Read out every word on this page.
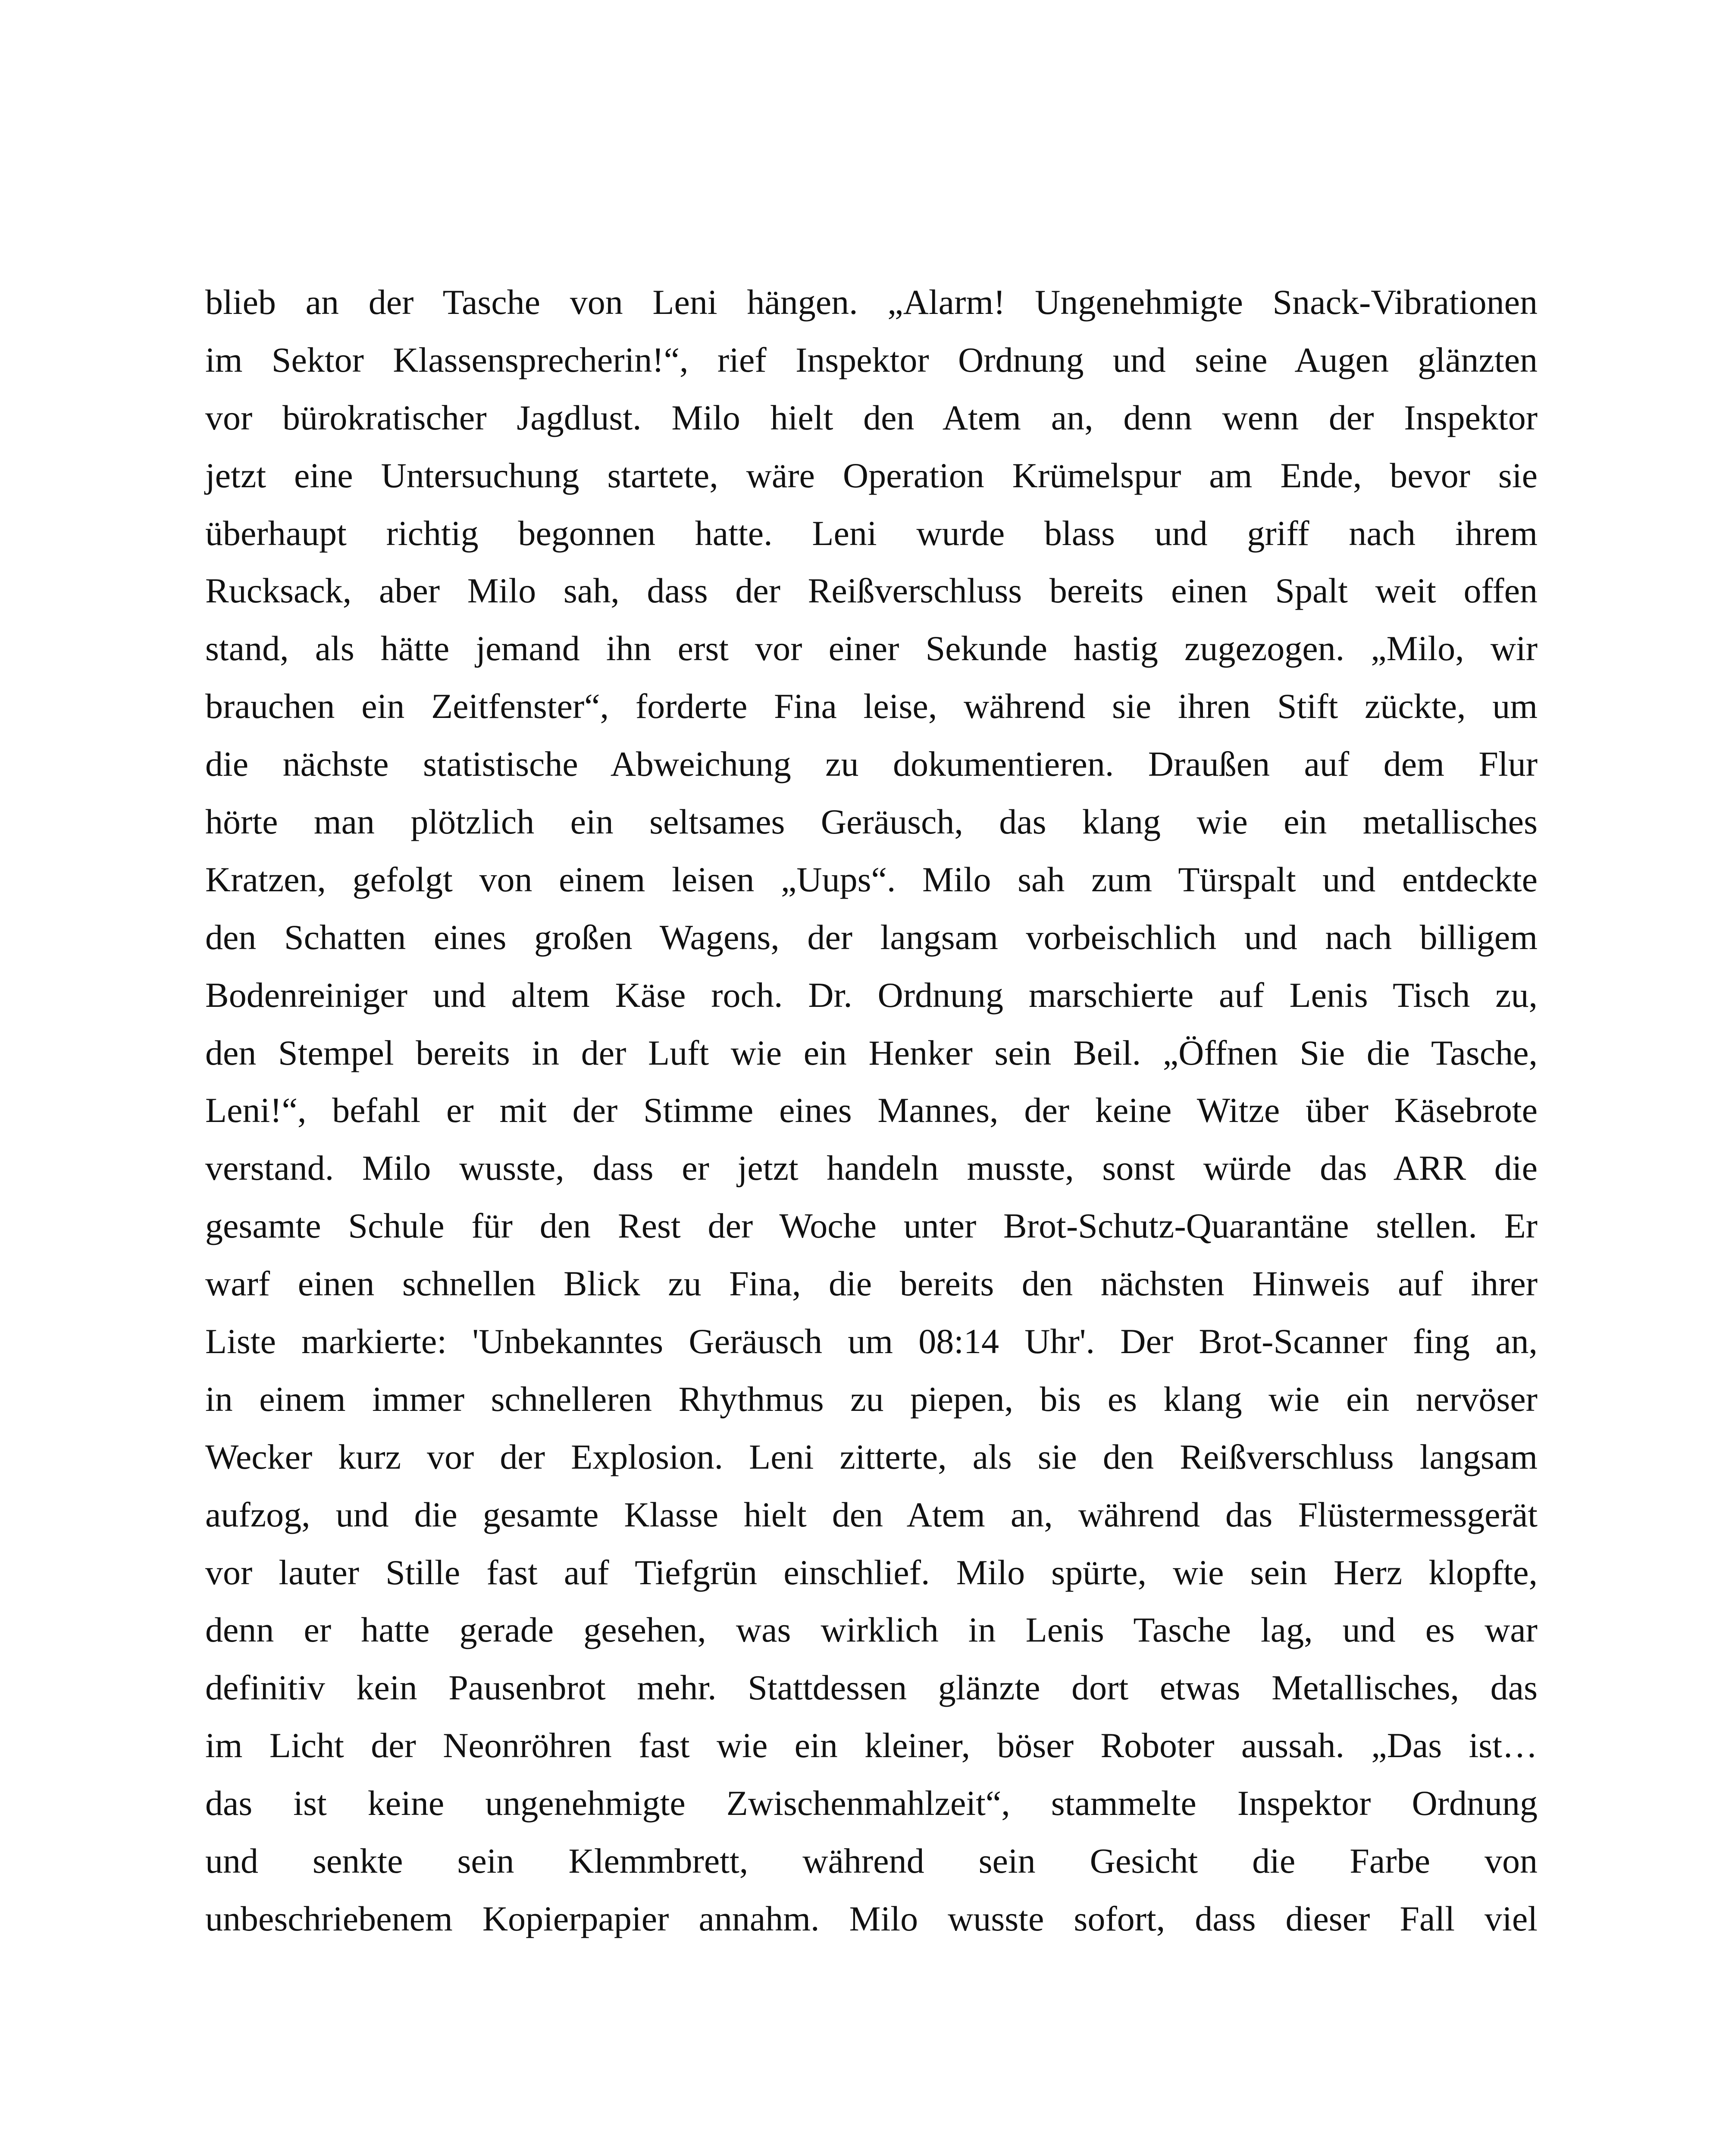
blieb an der Tasche von Leni hängen. „Alarm! Ungenehmigte Snack-Vibrationen
im Sektor Klassensprecherin!“, rief Inspektor Ordnung und seine Augen glänzten
vor bürokratischer Jagdlust. Milo hielt den Atem an, denn wenn der Inspektor
jetzt eine Untersuchung startete, wäre Operation Krümelspur am Ende, bevor sie
überhaupt richtig begonnen hatte. Leni wurde blass und griff nach ihrem
Rucksack, aber Milo sah, dass der Reißverschluss bereits einen Spalt weit offen
stand, als hätte jemand ihn erst vor einer Sekunde hastig zugezogen. „Milo, wir
brauchen ein Zeitfenster“, forderte Fina leise, während sie ihren Stift zückte, um
die nächste statistische Abweichung zu dokumentieren. Draußen auf dem Flur
hörte man plötzlich ein seltsames Geräusch, das klang wie ein metallisches
Kratzen, gefolgt von einem leisen „Uups“. Milo sah zum Türspalt und entdeckte
den Schatten eines großen Wagens, der langsam vorbeischlich und nach billigem
Bodenreiniger und altem Käse roch. Dr. Ordnung marschierte auf Lenis Tisch zu,
den Stempel bereits in der Luft wie ein Henker sein Beil. „Öffnen Sie die Tasche,
Leni!“, befahl er mit der Stimme eines Mannes, der keine Witze über Käsebrote
verstand. Milo wusste, dass er jetzt handeln musste, sonst würde das ARR die
gesamte Schule für den Rest der Woche unter Brot-Schutz-Quarantäne stellen. Er
warf einen schnellen Blick zu Fina, die bereits den nächsten Hinweis auf ihrer
Liste markierte: 'Unbekanntes Geräusch um 08:14 Uhr'. Der Brot-Scanner fing an,
in einem immer schnelleren Rhythmus zu piepen, bis es klang wie ein nervöser
Wecker kurz vor der Explosion. Leni zitterte, als sie den Reißverschluss langsam
aufzog, und die gesamte Klasse hielt den Atem an, während das Flüstermessgerät
vor lauter Stille fast auf Tiefgrün einschlief. Milo spürte, wie sein Herz klopfte,
denn er hatte gerade gesehen, was wirklich in Lenis Tasche lag, und es war
definitiv kein Pausenbrot mehr. Stattdessen glänzte dort etwas Metallisches, das
im Licht der Neonröhren fast wie ein kleiner, böser Roboter aussah. „Das ist…
das ist keine ungenehmigte Zwischenmahlzeit“, stammelte Inspektor Ordnung
und senkte sein Klemmbrett, während sein Gesicht die Farbe von
unbeschriebenem Kopierpapier annahm. Milo wusste sofort, dass dieser Fall viel
